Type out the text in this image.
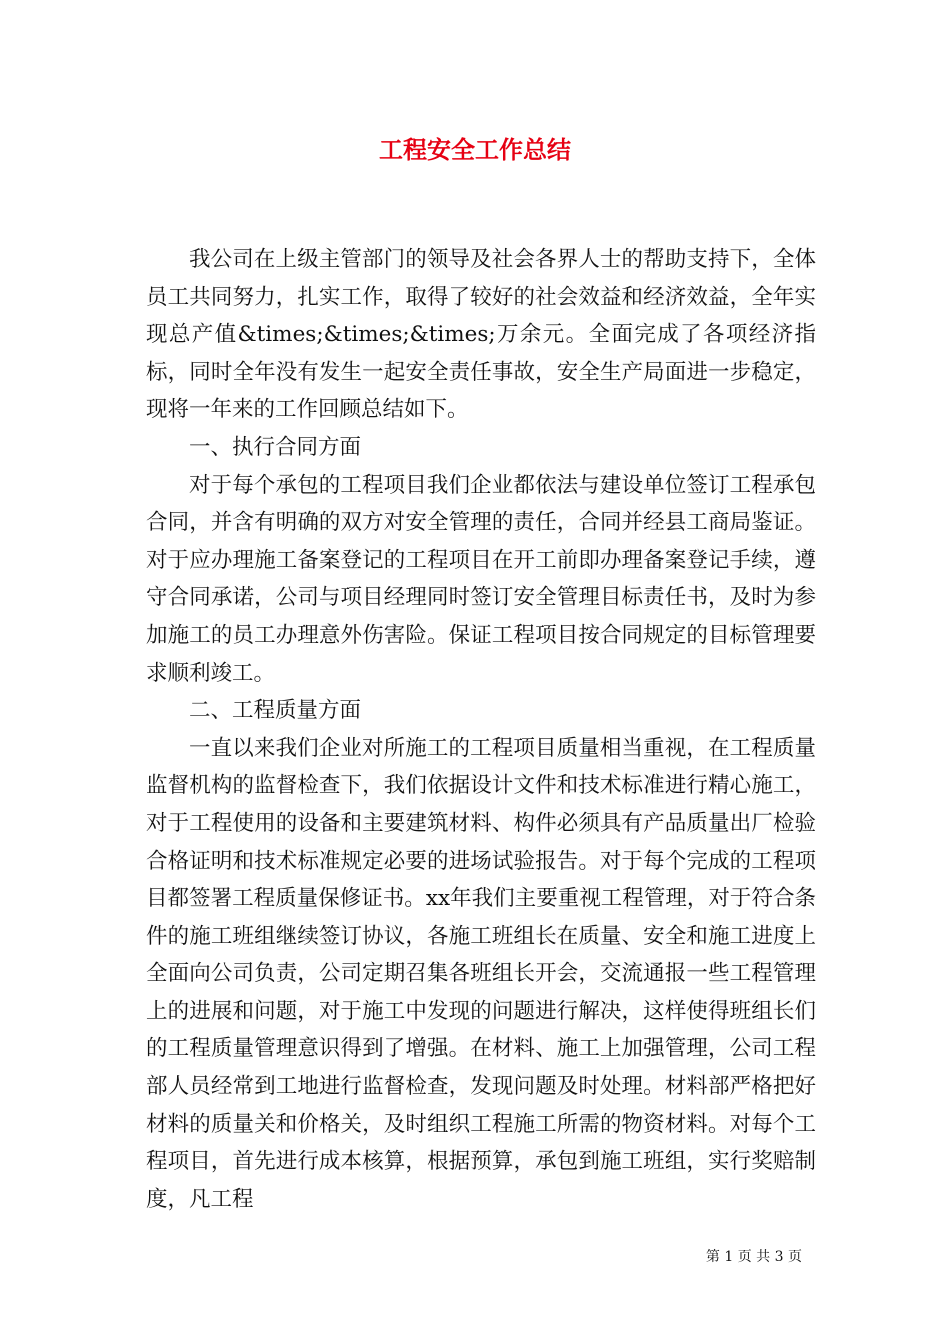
工程安全工作总结

我公司在上级主管部门的领导及社会各界人士的帮助支持下，全体员工共同努力，扎实工作，取得了较好的社会效益和经济效益，全年实现总产值&times;&times;&times;万余元。全面完成了各项经济指标，同时全年没有发生一起安全责任事故，安全生产局面进一步稳定，现将一年来的工作回顾总结如下。

一、执行合同方面

对于每个承包的工程项目我们企业都依法与建设单位签订工程承包合同，并含有明确的双方对安全管理的责任，合同并经县工商局鉴证。对于应办理施工备案登记的工程项目在开工前即办理备案登记手续，遵守合同承诺，公司与项目经理同时签订安全管理目标责任书，及时为参加施工的员工办理意外伤害险。保证工程项目按合同规定的目标管理要求顺利竣工。

二、工程质量方面

一直以来我们企业对所施工的工程项目质量相当重视，在工程质量监督机构的监督检查下，我们依据设计文件和技术标准进行精心施工，对于工程使用的设备和主要建筑材料、构件必须具有产品质量出厂检验合格证明和技术标准规定必要的进场试验报告。对于每个完成的工程项目都签署工程质量保修证书。xx年我们主要重视工程管理，对于符合条件的施工班组继续签订协议，各施工班组长在质量、安全和施工进度上全面向公司负责，公司定期召集各班组长开会，交流通报一些工程管理上的进展和问题，对于施工中发现的问题进行解决，这样使得班组长们的工程质量管理意识得到了增强。在材料、施工上加强管理，公司工程部人员经常到工地进行监督检查，发现问题及时处理。材料部严格把好材料的质量关和价格关，及时组织工程施工所需的物资材料。对每个工程项目，首先进行成本核算，根据预算，承包到施工班组，实行奖赔制度，凡工程

第 1 页 共 3 页
